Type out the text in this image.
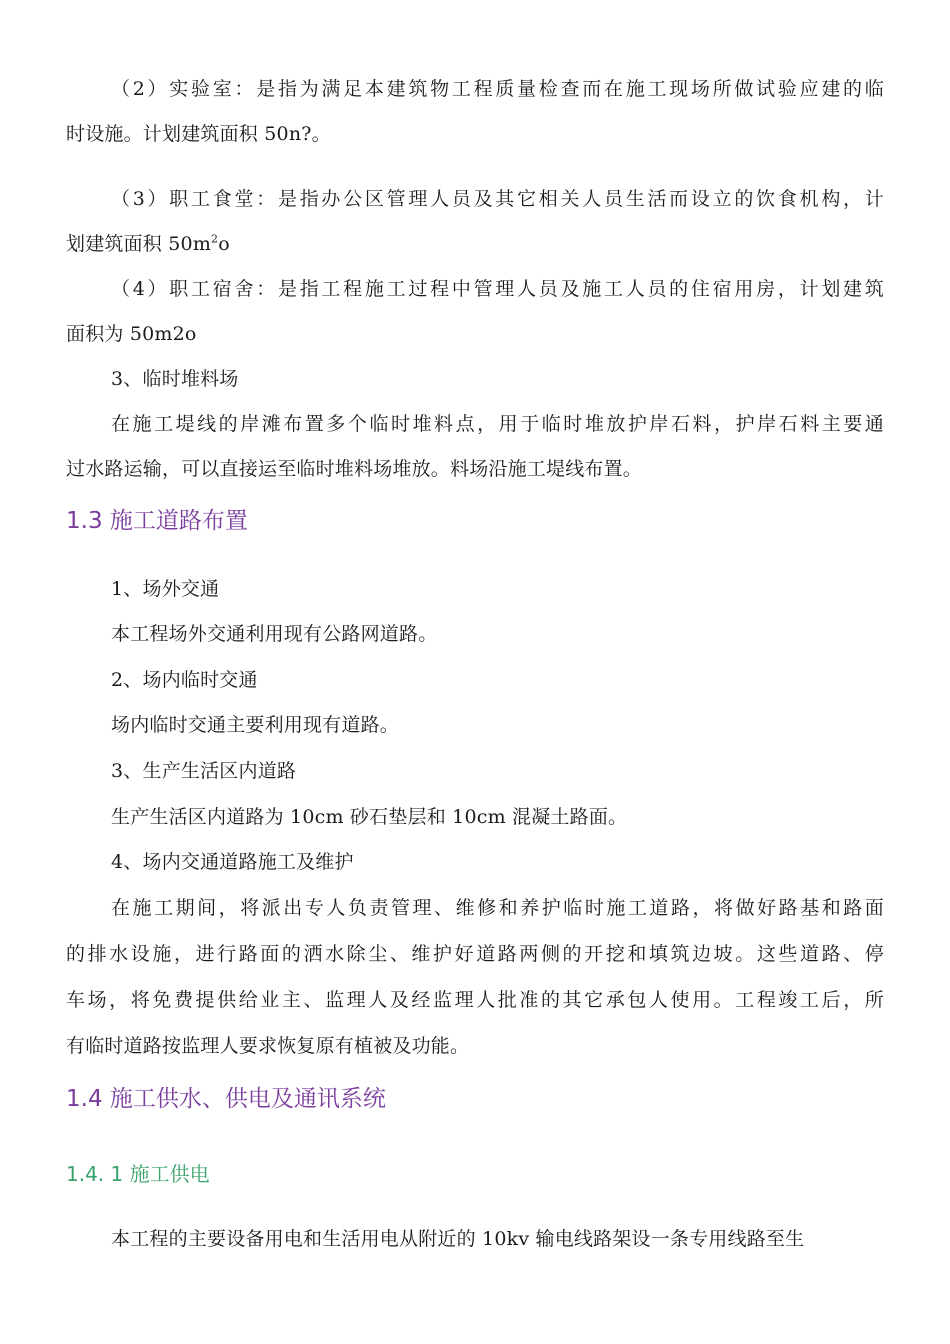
（2）实验室：是指为满足本建筑物工程质量检查而在施工现场所做试验应建的临
时设施。计划建筑面积 50n?。
（3）职工食堂：是指办公区管理人员及其它相关人员生活而设立的饮食机构，计
划建筑面积 $50m^2o$
（4）职工宿舍：是指工程施工过程中管理人员及施工人员的住宿用房，计划建筑
面积为 50m2o
3、临时堆料场
在施工堤线的岸滩布置多个临时堆料点，用于临时堆放护岸石料，护岸石料主要通
过水路运输，可以直接运至临时堆料场堆放。料场沿施工堤线布置。
1.3 施工道路布置
1、场外交通
本工程场外交通利用现有公路网道路。
2、场内临时交通
场内临时交通主要利用现有道路。
3、生产生活区内道路
生产生活区内道路为 10cm 砂石垫层和 10cm 混凝土路面。
4、场内交通道路施工及维护
在施工期间，将派出专人负责管理、维修和养护临时施工道路，将做好路基和路面
的排水设施，进行路面的洒水除尘、维护好道路两侧的开挖和填筑边坡。这些道路、停
车场，将免费提供给业主、监理人及经监理人批准的其它承包人使用。工程竣工后，所
有临时道路按监理人要求恢复原有植被及功能。
1.4 施工供水、供电及通讯系统
1.4. 1 施工供电
本工程的主要设备用电和生活用电从附近的 10kv 输电线路架设一条专用线路至生
